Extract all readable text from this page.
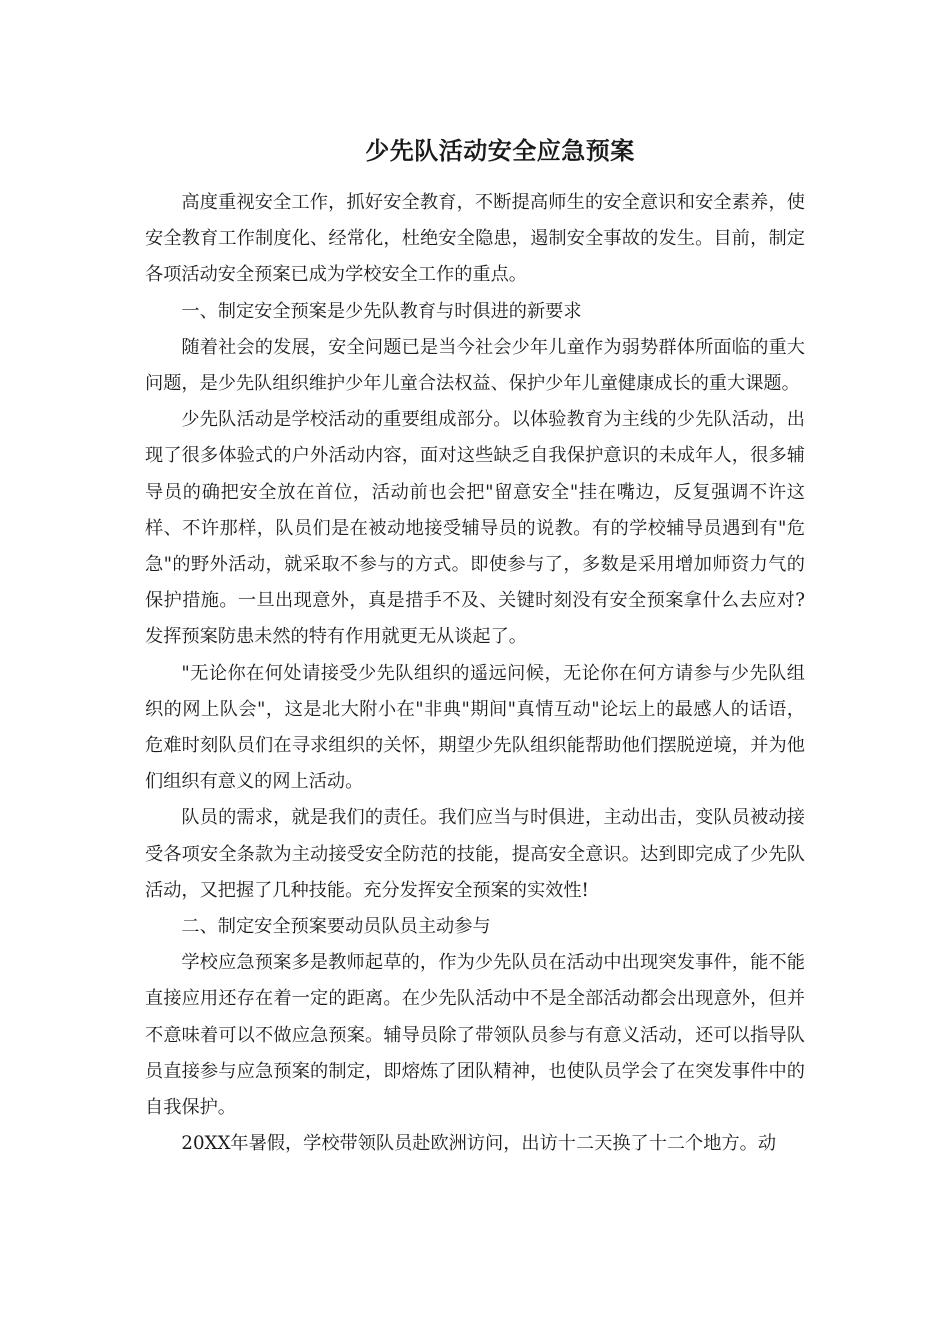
少先队活动安全应急预案

高度重视安全工作，抓好安全教育，不断提高师生的安全意识和安全素养，使安全教育工作制度化、经常化，杜绝安全隐患，遏制安全事故的发生。目前，制定各项活动安全预案已成为学校安全工作的重点。

一、制定安全预案是少先队教育与时俱进的新要求

随着社会的发展，安全问题已是当今社会少年儿童作为弱势群体所面临的重大问题，是少先队组织维护少年儿童合法权益、保护少年儿童健康成长的重大课题。

少先队活动是学校活动的重要组成部分。以体验教育为主线的少先队活动，出现了很多体验式的户外活动内容，面对这些缺乏自我保护意识的未成年人，很多辅导员的确把安全放在首位，活动前也会把"留意安全"挂在嘴边，反复强调不许这样、不许那样，队员们是在被动地接受辅导员的说教。有的学校辅导员遇到有"危急"的野外活动，就采取不参与的方式。即使参与了，多数是采用增加师资力气的保护措施。一旦出现意外，真是措手不及、关键时刻没有安全预案拿什么去应对?发挥预案防患未然的特有作用就更无从谈起了。

"无论你在何处请接受少先队组织的遥远问候，无论你在何方请参与少先队组织的网上队会"，这是北大附小在"非典"期间"真情互动"论坛上的最感人的话语，危难时刻队员们在寻求组织的关怀，期望少先队组织能帮助他们摆脱逆境，并为他们组织有意义的网上活动。

队员的需求，就是我们的责任。我们应当与时俱进，主动出击，变队员被动接受各项安全条款为主动接受安全防范的技能，提高安全意识。达到即完成了少先队活动，又把握了几种技能。充分发挥安全预案的实效性!

二、制定安全预案要动员队员主动参与

学校应急预案多是教师起草的，作为少先队员在活动中出现突发事件，能不能直接应用还存在着一定的距离。在少先队活动中不是全部活动都会出现意外，但并不意味着可以不做应急预案。辅导员除了带领队员参与有意义活动，还可以指导队员直接参与应急预案的制定，即熔炼了团队精神，也使队员学会了在突发事件中的自我保护。

20XX年暑假，学校带领队员赴欧洲访问，出访十二天换了十二个地方。动
